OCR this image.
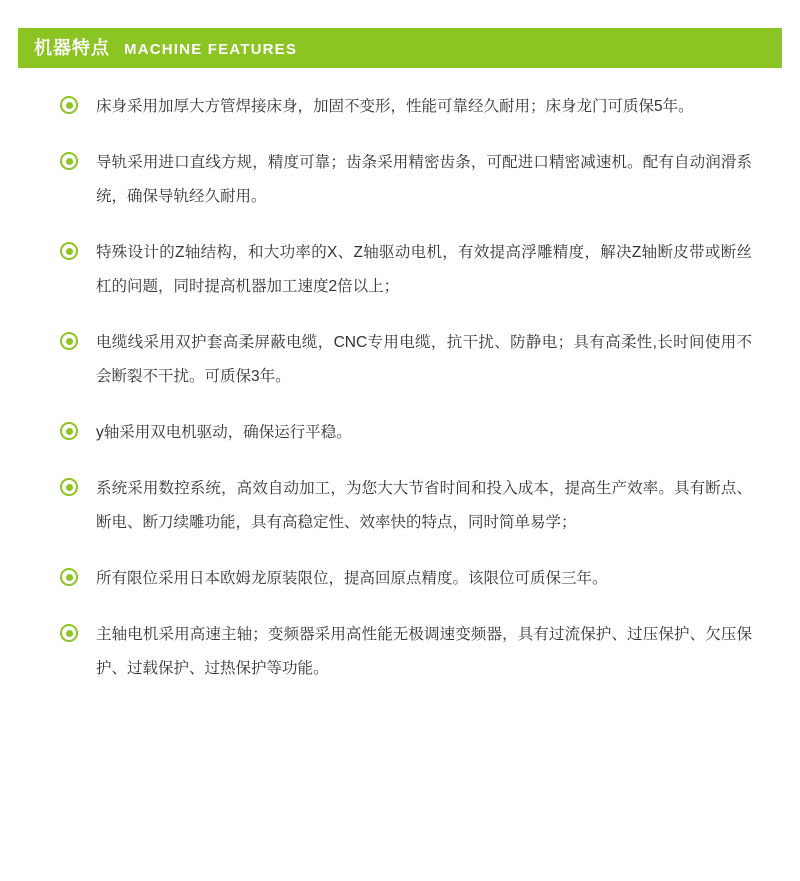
机器特点 MACHINE FEATURES
床身采用加厚大方管焊接床身，加固不变形，性能可靠经久耐用；床身龙门可质保5年。
导轨采用进口直线方规，精度可靠；齿条采用精密齿条，可配进口精密减速机。配有自动润滑系统，确保导轨经久耐用。
特殊设计的Z轴结构，和大功率的X、Z轴驱动电机，有效提高浮雕精度，解决Z轴断皮带或断丝杠的问题，同时提高机器加工速度2倍以上；
电缆线采用双护套高柔屏蔽电缆，CNC专用电缆，抗干扰、防静电；具有高柔性,长时间使用不会断裂不干扰。可质保3年。
y轴采用双电机驱动，确保运行平稳。
系统采用数控系统，高效自动加工，为您大大节省时间和投入成本，提高生产效率。具有断点、断电、断刀续雕功能，具有高稳定性、效率快的特点，同时简单易学；
所有限位采用日本欧姆龙原装限位，提高回原点精度。该限位可质保三年。
主轴电机采用高速主轴；变频器采用高性能无极调速变频器，具有过流保护、过压保护、欠压保护、过载保护、过热保护等功能。
